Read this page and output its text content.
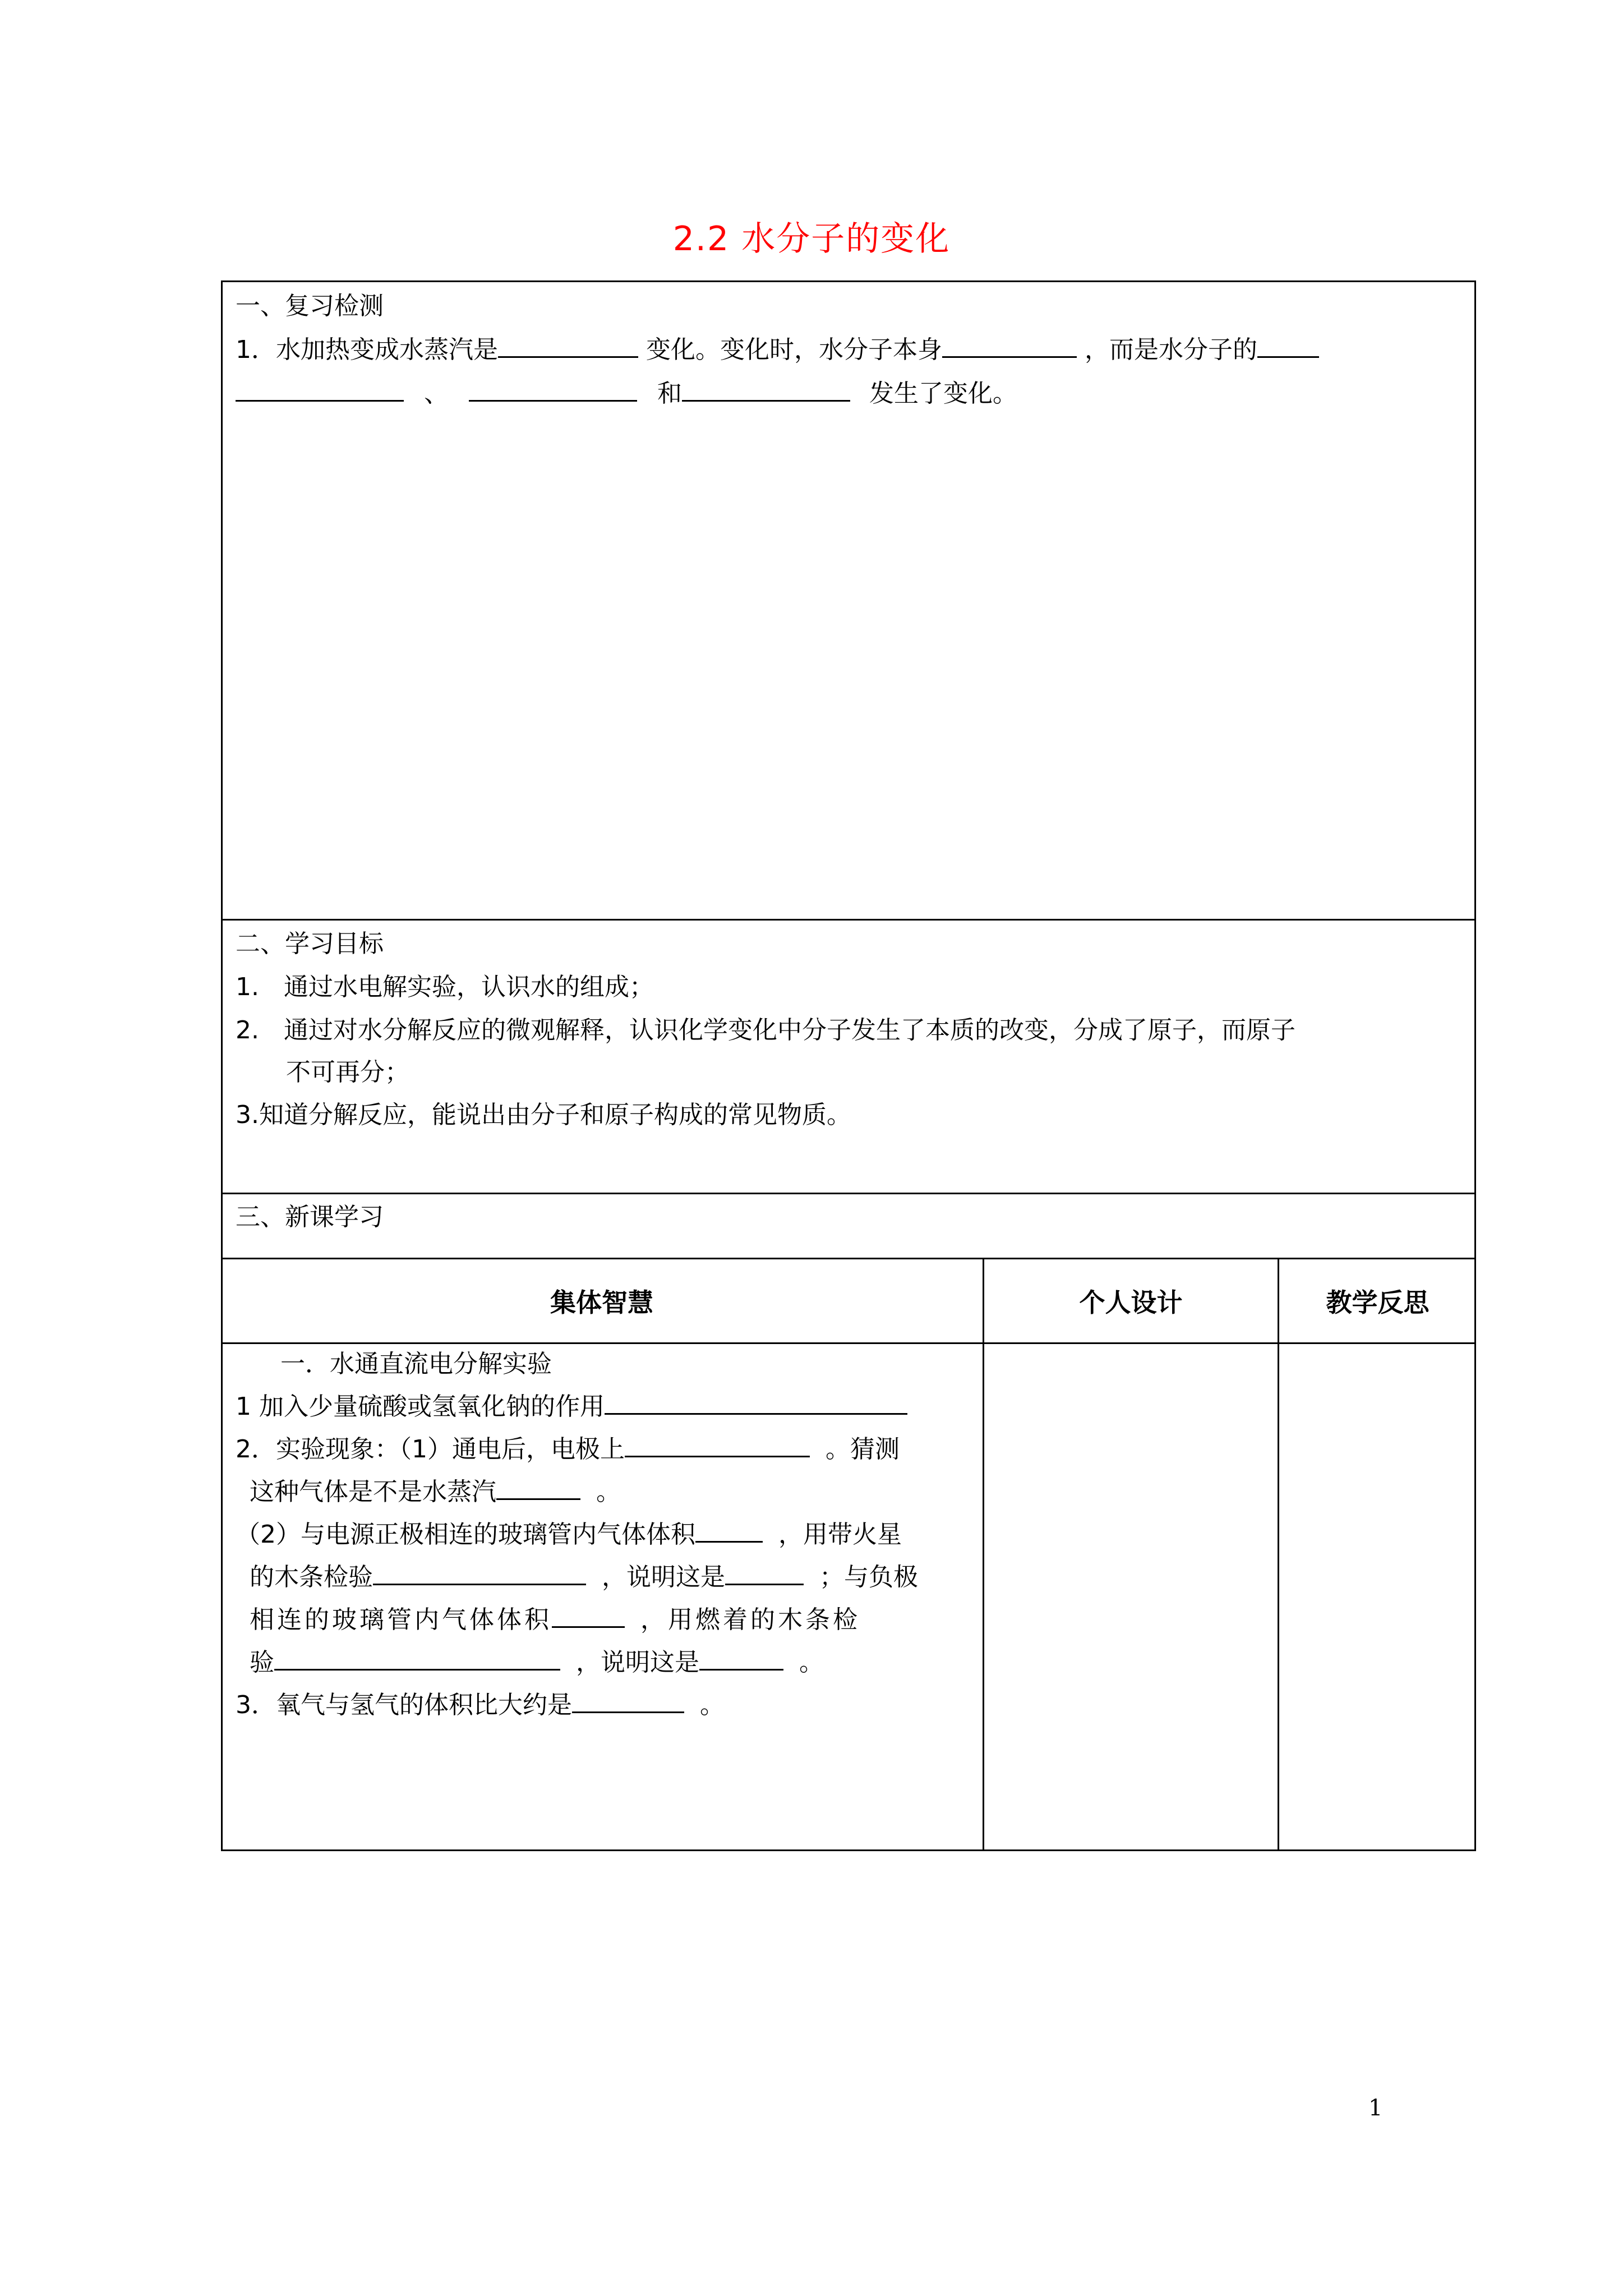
2.2 水分子的变化
一、复习检测
1．水加热变成水蒸汽是	变化。变化时，水分子本身	，而是水分子的
、	和	发生了变化。
二、学习目标
1.　通过水电解实验，认识水的组成；
2.　通过对水分解反应的微观解释，认识化学变化中分子发生了本质的改变，分成了原子，而原子
不可再分；
3.知道分解反应，能说出由分子和原子构成的常见物质。
三、新课学习
集体智慧	个人设计	教学反思
一．水通直流电分解实验
1 加入少量硫酸或氢氧化钠的作用
2．实验现象：（1）通电后，电极上	。猜测
这种气体是不是水蒸汽	。
（2）与电源正极相连的玻璃管内气体体积	，用带火星
的木条检验	，说明这是	；与负极
相连的玻璃管内气体体积	，用燃着的木条检
验	，说明这是	。
3．氧气与氢气的体积比大约是	。
1
